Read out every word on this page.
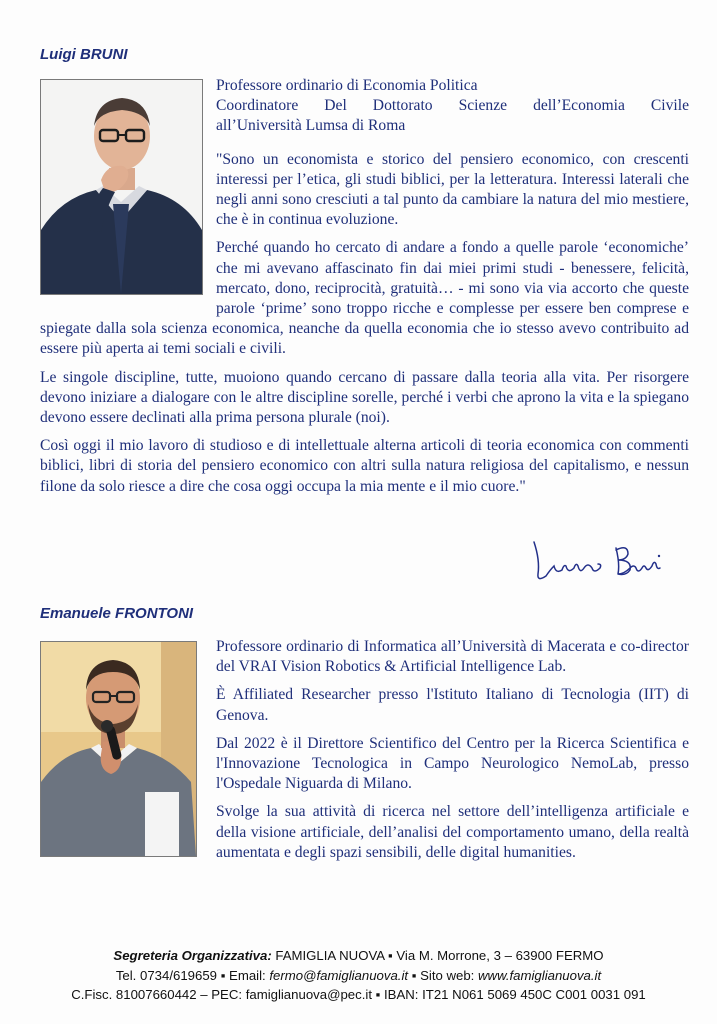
Luigi BRUNI

Professore ordinario di Economia Politica
Coordinatore Del Dottorato Scienze dell’Economia Civile
all’Università Lumsa di Roma

"Sono un economista e storico del pensiero economico, con crescenti interessi per l’etica, gli studi biblici, per la letteratura. Interessi laterali che negli anni sono cresciuti a tal punto da cambiare la natura del mio mestiere, che è in continua evoluzione.

Perché quando ho cercato di andare a fondo a quelle parole ‘economiche’ che mi avevano affascinato fin dai miei primi studi - benessere, felicità, mercato, dono, reciprocità, gratuità… - mi sono via via accorto che queste parole ‘prime’ sono troppo ricche e complesse per essere ben comprese e spiegate dalla sola scienza economica, neanche da quella economia che io stesso avevo contribuito ad essere più aperta ai temi sociali e civili.

Le singole discipline, tutte, muoiono quando cercano di passare dalla teoria alla vita. Per risorgere devono iniziare a dialogare con le altre discipline sorelle, perché i verbi che aprono la vita e la spiegano devono essere declinati alla prima persona plurale (noi).

Così oggi il mio lavoro di studioso e di intellettuale alterna articoli di teoria economica con commenti biblici, libri di storia del pensiero economico con altri sulla natura religiosa del capitalismo, e nessun filone da solo riesce a dire che cosa oggi occupa la mia mente e il mio cuore."

Emanuele FRONTONI

Professore ordinario di Informatica all’Università di Macerata e co-director del VRAI Vision Robotics & Artificial Intelligence Lab.

È Affiliated Researcher presso l'Istituto Italiano di Tecnologia (IIT) di Genova.

Dal 2022 è il Direttore Scientifico del Centro per la Ricerca Scientifica e l'Innovazione Tecnologica in Campo Neurologico NemoLab, presso l'Ospedale Niguarda di Milano.

Svolge la sua attività di ricerca nel settore dell’intelligenza artificiale e della visione artificiale, dell’analisi del comportamento umano, della realtà aumentata e degli spazi sensibili, delle digital humanities.

Segreteria Organizzativa: FAMIGLIA NUOVA ▪ Via M. Morrone, 3 – 63900 FERMO
Tel. 0734/619659 ▪ Email: fermo@famiglianuova.it ▪ Sito web: www.famiglianuova.it
C.Fisc. 81007660442 – PEC: famiglianuova@pec.it ▪ IBAN: IT21 N061 5069 450C C001 0031 091
